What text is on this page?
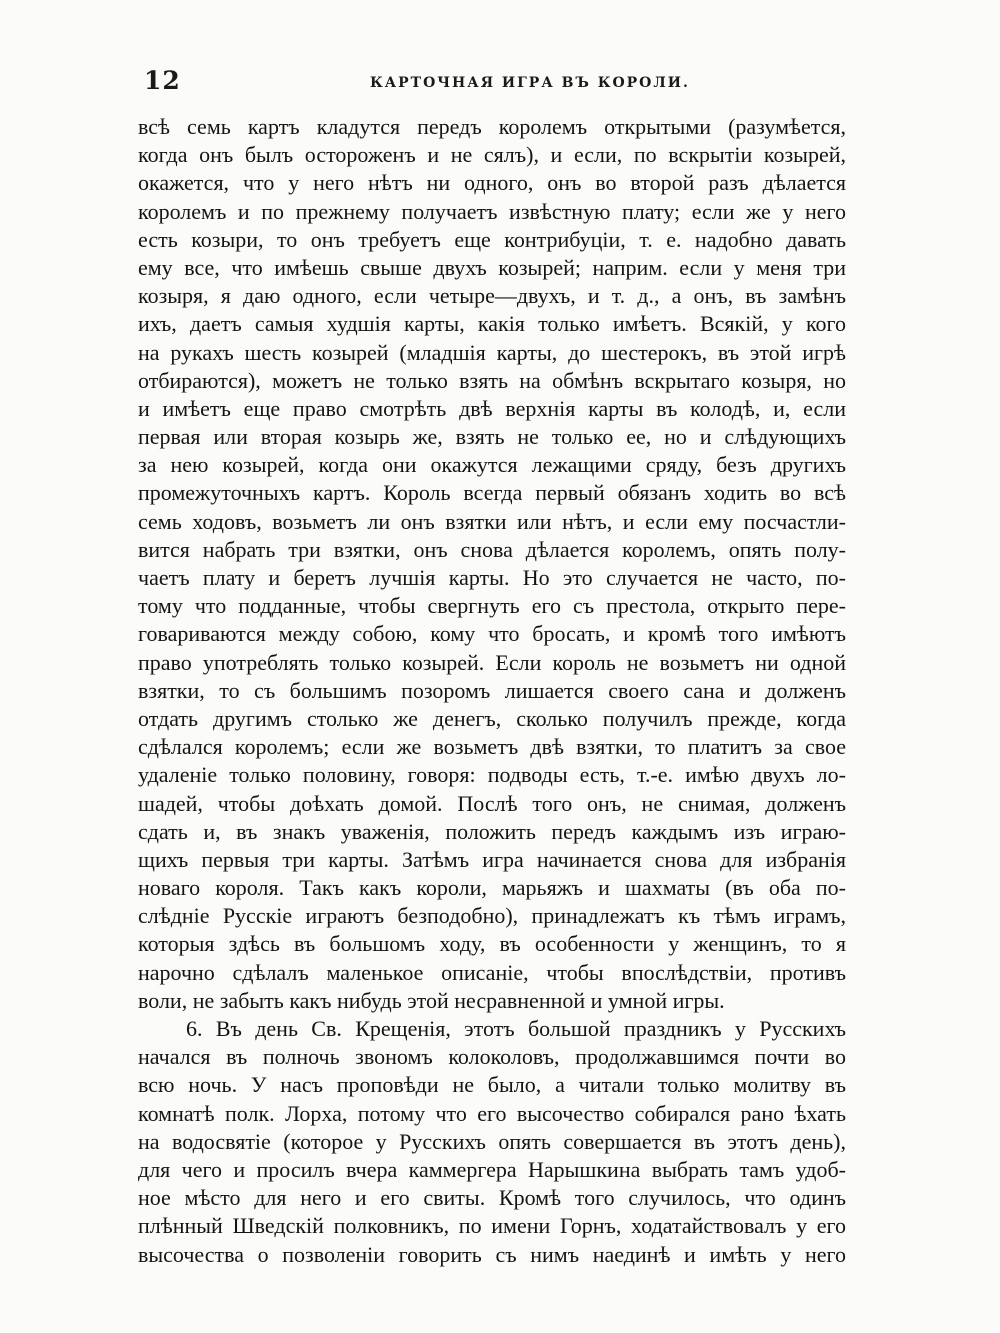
12	КАРТОЧНАЯ ИГРА ВЪ КОРОЛИ.
всѣ семь картъ кладутся передъ королемъ открытыми (разумѣется,
когда онъ былъ остороженъ и не сялъ), и если, по вскрытіи козырей,
окажется, что у него нѣтъ ни одного, онъ во второй разъ дѣлается
королемъ и по прежнему получаетъ извѣстную плату; если же у него
есть козыри, то онъ требуетъ еще контрибуціи, т. е. надобно давать
ему все, что имѣешь свыше двухъ козырей; наприм. если у меня три
козыря, я даю одного, если четыре—двухъ, и т. д., а онъ, въ замѣнъ
ихъ, даетъ самыя худшія карты, какія только имѣетъ. Всякій, у кого
на рукахъ шесть козырей (младшія карты, до шестерокъ, въ этой игрѣ
отбираются), можетъ не только взять на обмѣнъ вскрытаго козыря, но
и имѣетъ еще право смотрѣть двѣ верхнія карты въ колодѣ, и, если
первая или вторая козырь же, взять не только ее, но и слѣдующихъ
за нею козырей, когда они окажутся лежащими сряду, безъ другихъ
промежуточныхъ картъ. Король всегда первый обязанъ ходить во всѣ
семь ходовъ, возьметъ ли онъ взятки или нѣтъ, и если ему посчастли-
вится набрать три взятки, онъ снова дѣлается королемъ, опять полу-
чаетъ плату и беретъ лучшія карты. Но это случается не часто, по-
тому что подданные, чтобы свергнуть его съ престола, открыто пере-
говариваются между собою, кому что бросать, и кромѣ того имѣютъ
право употреблять только козырей. Если король не возьметъ ни одной
взятки, то съ большимъ позоромъ лишается своего сана и долженъ
отдать другимъ столько же денегъ, сколько получилъ прежде, когда
сдѣлался королемъ; если же возьметъ двѣ взятки, то платитъ за свое
удаленіе только половину, говоря: подводы есть, т.-е. имѣю двухъ ло-
шадей, чтобы доѣхать домой. Послѣ того онъ, не снимая, долженъ
сдать и, въ знакъ уваженія, положить передъ каждымъ изъ играю-
щихъ первыя три карты. Затѣмъ игра начинается снова для избранія
новаго короля. Такъ какъ короли, марьяжъ и шахматы (въ оба по-
слѣдніе Русскіе играютъ безподобно), принадлежатъ къ тѣмъ играмъ,
которыя здѣсь въ большомъ ходу, въ особенности у женщинъ, то я
нарочно сдѣлалъ маленькое описаніе, чтобы впослѣдствіи, противъ
воли, не забыть какъ нибудь этой несравненной и умной игры.
6. Въ день Св. Крещенія, этотъ большой праздникъ у Русскихъ
начался въ полночь звономъ колоколовъ, продолжавшимся почти во
всю ночь. У насъ проповѣди не было, а читали только молитву въ
комнатѣ полк. Лорха, потому что его высочество собирался рано ѣхать
на водосвятіе (которое у Русскихъ опять совершается въ этотъ день),
для чего и просилъ вчера каммергера Нарышкина выбрать тамъ удоб-
ное мѣсто для него и его свиты. Кромѣ того случилось, что одинъ
плѣнный Шведскій полковникъ, по имени Горнъ, ходатайствовалъ у его
высочества о позволеніи говорить съ нимъ наединѣ и имѣть у него
